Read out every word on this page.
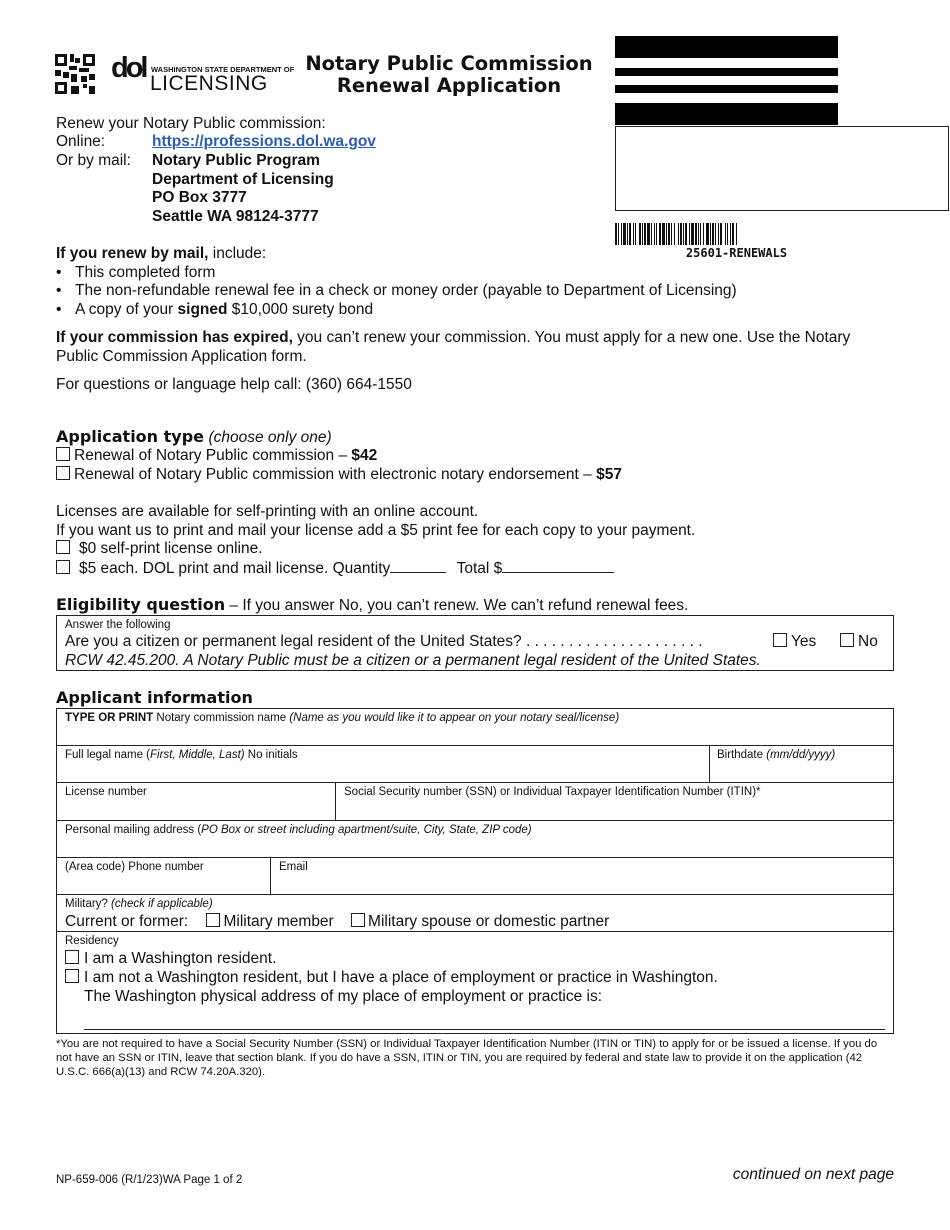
dol WASHINGTON STATE DEPARTMENT OF
LICENSING
Notary Public Commission
Renewal Application
25601-RENEWALS
Renew your Notary Public commission:
Online:	https://professions.dol.wa.gov
Or by mail: Notary Public Program
Department of Licensing
PO Box 3777
Seattle WA 98124-3777
If you renew by mail, include:
• This completed form
• The non-refundable renewal fee in a check or money order (payable to Department of Licensing)
• A copy of your signed $10,000 surety bond
If your commission has expired, you can’t renew your commission. You must apply for a new one. Use the Notary Public Commission Application form.
For questions or language help call: (360) 664-1550
Application type (choose only one)
Renewal of Notary Public commission – $42
Renewal of Notary Public commission with electronic notary endorsement – $57
Licenses are available for self-printing with an online account.
If you want us to print and mail your license add a $5 print fee for each copy to your payment.
$0 self-print license online.
$5 each. DOL print and mail license. Quantity	Total $
Eligibility question – If you answer No, you can’t renew. We can’t refund renewal fees.
Answer the following
Are you a citizen or permanent legal resident of the United States? . . . . . . . . . . . . . . . . . . . . .	Yes	No
RCW 42.45.200. A Notary Public must be a citizen or a permanent legal resident of the United States.
Applicant information
TYPE OR PRINT Notary commission name (Name as you would like it to appear on your notary seal/license)
Full legal name (First, Middle, Last) No initials	Birthdate (mm/dd/yyyy)
License number	Social Security number (SSN) or Individual Taxpayer Identification Number (ITIN)*
Personal mailing address (PO Box or street including apartment/suite, City, State, ZIP code)
(Area code) Phone number	Email
Military? (check if applicable)
Current or former: Military member Military spouse or domestic partner
Residency
I am a Washington resident.
I am not a Washington resident, but I have a place of employment or practice in Washington.
The Washington physical address of my place of employment or practice is:
*You are not required to have a Social Security Number (SSN) or Individual Taxpayer Identification Number (ITIN or TIN) to apply for or be issued a license. If you do not have an SSN or ITIN, leave that section blank. If you do have a SSN, ITIN or TIN, you are required by federal and state law to provide it on the application (42 U.S.C. 666(a)(13) and RCW 74.20A.320).
NP-659-006 (R/1/23)WA Page 1 of 2	continued on next page
